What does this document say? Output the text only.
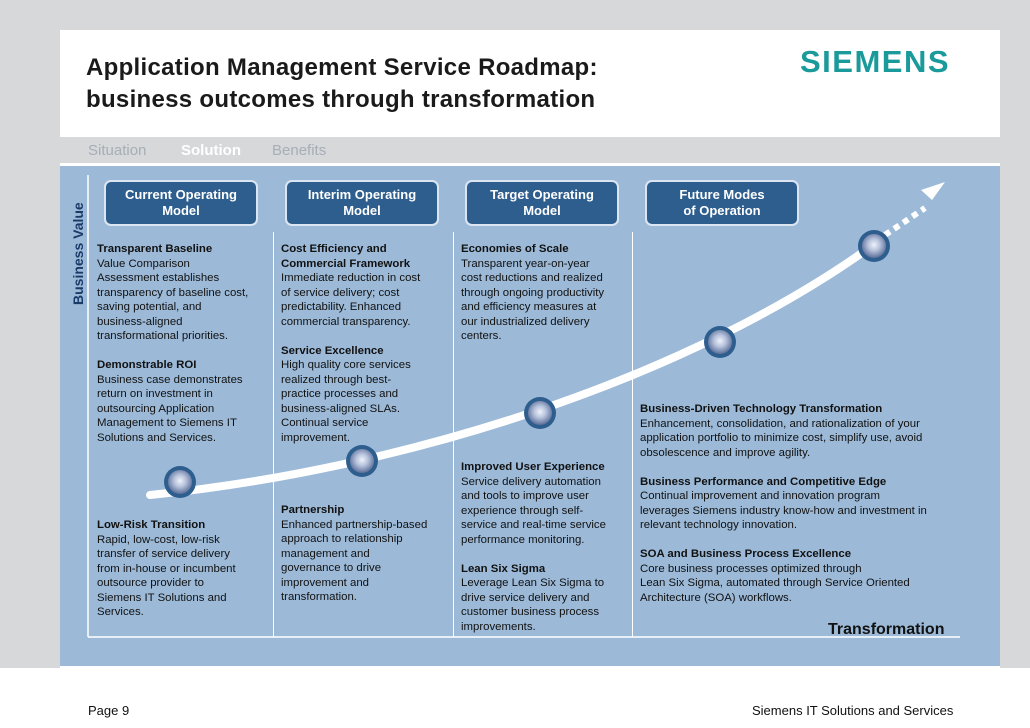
Application Management Service Roadmap:
business outcomes through transformation
SIEMENS
Situation Solution Benefits
Business Value
Current Operating
Model
Interim Operating
Model
Target Operating
Model
Future Modes
of Operation
Transparent Baseline
Value Comparison
Assessment establishes
transparency of baseline cost,
saving potential, and
business-aligned
transformational priorities.

Demonstrable ROI
Business case demonstrates
return on investment in
outsourcing Application
Management to Siemens IT
Solutions and Services.
Low-Risk Transition
Rapid, low-cost, low-risk
transfer of service delivery
from in-house or incumbent
outsource provider to
Siemens IT Solutions and
Services.
Cost Efficiency and
Commercial Framework
Immediate reduction in cost
of service delivery; cost
predictability. Enhanced
commercial transparency.

Service Excellence
High quality core services
realized through best-
practice processes and
business-aligned SLAs.
Continual service
improvement.
Partnership
Enhanced partnership-based
approach to relationship
management and
governance to drive
improvement and
transformation.
Economies of Scale
Transparent year-on-year
cost reductions and realized
through ongoing productivity
and efficiency measures at
our industrialized delivery
centers.
Improved User Experience
Service delivery automation
and tools to improve user
experience through self-
service and real-time service
performance monitoring.

Lean Six Sigma
Leverage Lean Six Sigma to
drive service delivery and
customer business process
improvements.
Business-Driven Technology Transformation
Enhancement, consolidation, and rationalization of your
application portfolio to minimize cost, simplify use, avoid
obsolescence and improve agility.

Business Performance and Competitive Edge
Continual improvement and innovation program
leverages Siemens industry know-how and investment in
relevant technology innovation.

SOA and Business Process Excellence
Core business processes optimized through
Lean Six Sigma, automated through Service Oriented
Architecture (SOA) workflows.
Transformation
Copyright © Siemens AG 2010. All rights reserved.
Page 9	Siemens IT Solutions and Services
